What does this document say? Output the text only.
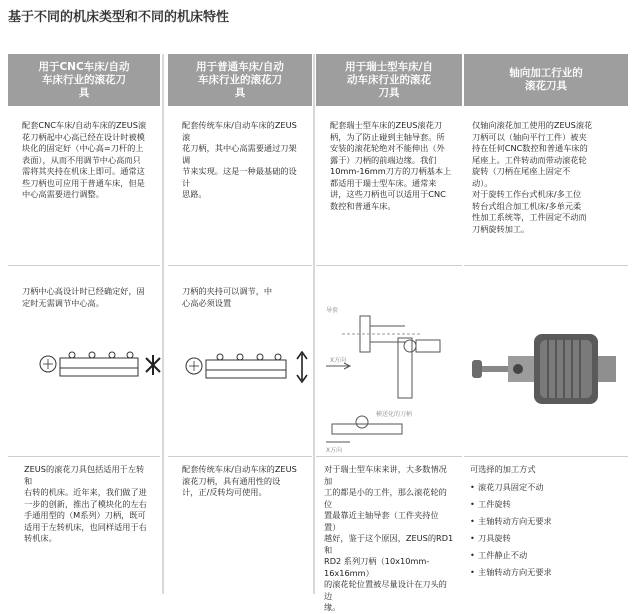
基于不同的机床类型和不同的机床特性
用于CNC车床/自动
车床行业的滚花刀
具
配套CNC车床/自动车床的ZEUS滚
花刀柄起中心高已经在设计时被模
块化的固定好（中心高=刀杆的上
表面），从而不用调节中心高而只
需将其夹持在机床上即可。通常这
些刀柄也可应用于普通车床，但是
中心高需要进行调整。
刀柄中心高设计时已经确定好，固
定时无需调节中心高。
ZEUS的滚花刀具包括适用于左转和
右转的机床。近年来，我们做了进
一步的创新，推出了模块化的左右
手通用型的（M系列）刀柄，既可
适用于左转机床，也同样适用于右
转机床。
用于普通车床/自动
车床行业的滚花刀
具
配套传统车床/自动车床的ZEUS滚
花刀柄，其中心高需要通过刀架调
节来实现。这是一种最基础的设计
思路。
刀柄的夹持可以调节，中
心高必须设置
配套传统车床/自动车床的ZEUS
滚花刀柄，具有通用性的设
计，正/反转均可使用。
用于瑞士型车床/自
动车床行业的滚花
刀具
配套瑞士型车床的ZEUS滚花刀
柄，为了防止碰到主轴导套。所
安装的滚花轮绝对不能伸出（外
露于）刀柄的前端边缘。我们
10mm-16mm刀方的刀柄基本上
都适用于瑞士型车床。通常来
讲，这些刀柄也可以适用于CNC
数控和普通车床。
导套
X方向
横送化的刀柄
X方向
对于瑞士型车床来讲，大多数情况加
工的都是小的工件，那么滚花轮的位
置最靠近主轴导套（工件夹持位置）
越好，鉴于这个原因，ZEUS的RD1和
RD2 系列刀柄（10x10mm-16x16mm）
的滚花轮位置被尽量设计在刀头的边
缘。
轴向加工行业的
滚花刀具
仅轴向滚花加工使用的ZEUS滚花
刀柄可以（轴向平行工件）被夹
持在任何CNC数控和普通车床的
尾座上。工件转动而带动滚花轮
旋转（刀柄在尾座上固定不
动）。
对于旋转工作台式机床/多工位
转台式组合加工机床/多单元柔
性加工系统等，工件固定不动而
刀柄旋转加工。
可选择的加工方式
• 滚花刀具固定不动
• 工件旋转
• 主轴转动方向无要求
• 刀具旋转
• 工件静止不动
• 主轴转动方向无要求
